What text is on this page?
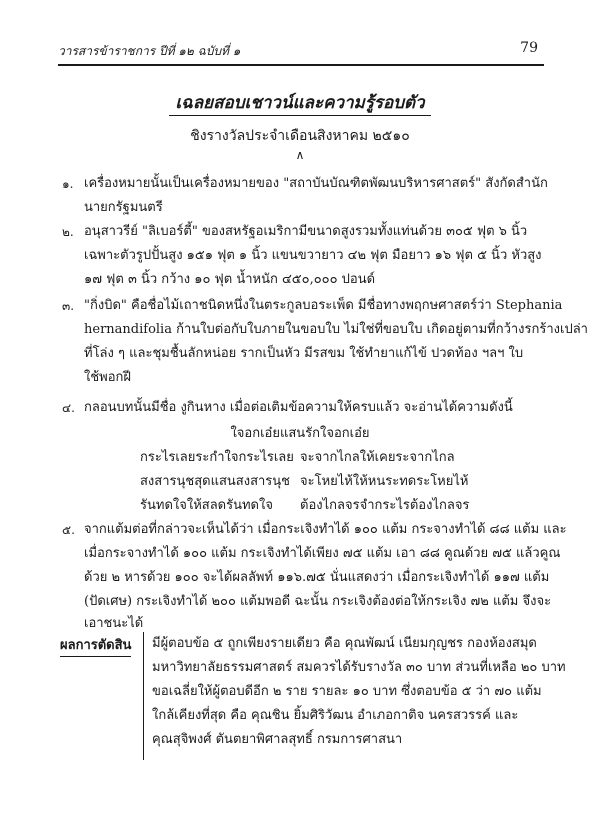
วารสารข้าราชการ ปีที่ ๑๒ ฉบับที่ ๑	79
เฉลยสอบเชาวน์และความรู้รอบตัว
ชิงรางวัลประจำเดือนสิงหาคม ๒๕๑๐
∧
๑. เครื่องหมายนั้นเป็นเครื่องหมายของ "สถาบันบัณฑิตพัฒนบริหารศาสตร์" สังกัดสำนัก
นายกรัฐมนตรี
๒. อนุสาวรีย์ "ลิเบอร์ตี้" ของสหรัฐอเมริกามีขนาดสูงรวมทั้งแท่นด้วย ๓๐๕ ฟุต ๖ นิ้ว
เฉพาะตัวรูปปั้นสูง ๑๕๑ ฟุต ๑ นิ้ว แขนขวายาว ๔๒ ฟุต มือยาว ๑๖ ฟุต ๕ นิ้ว หัวสูง
๑๗ ฟุต ๓ นิ้ว กว้าง ๑๐ ฟุต น้ำหนัก ๔๕๐,๐๐๐ ปอนด์
๓. "กิ่งบิด" คือชื่อไม้เถาชนิดหนึ่งในตระกูลบอระเพ็ด มีชื่อทางพฤกษศาสตร์ว่า Stephania
hernandifolia ก้านใบต่อกับใบภายในขอบใบ ไม่ใช่ที่ขอบใบ เกิดอยู่ตามที่กว้างรกร้างเปล่า
ที่โล่ง ๆ และชุมชื้นลักหน่อย รากเป็นหัว มีรสขม ใช้ทำยาแก้ไข้ ปวดท้อง ฯลฯ ใบ
ใช้พอกฝี
๔. กลอนบทนั้นมีชื่อ งูกินหาง เมื่อต่อเติมข้อความให้ครบแล้ว จะอ่านได้ความดังนี้
ใจอกเอ๋ยแสนรักใจอกเอ๋ย
กระไรเลยระกำใจกระไรเลย จะจากไกลให้เคยระจากไกล
สงสารนุชสุดแสนสงสารนุช จะโหยไห้ให้หนระทดระโหยไห้
รันทดใจให้สลดรันทดใจ ต้องไกลจรจำกระไรต้องไกลจร
๕. จากแต้มต่อที่กล่าวจะเห็นได้ว่า เมื่อกระเจิงทำได้ ๑๐๐ แต้ม กระจางทำได้ ๘๘ แต้ม และ
เมื่อกระจางทำได้ ๑๐๐ แต้ม กระเจิงทำได้เพียง ๗๕ แต้ม เอา ๘๘ คูณด้วย ๗๕ แล้วคูณ
ด้วย ๒ หารด้วย ๑๐๐ จะได้ผลลัพท์ ๑๑๖.๗๕ นั่นแสดงว่า เมื่อกระเจิงทำได้ ๑๑๗ แต้ม
(ปัดเศษ) กระเจิงทำได้ ๒๐๐ แต้มพอดี ฉะนั้น กระเจิงต้องต่อให้กระเจิง ๗๒ แต้ม จึงจะ
เอาชนะได้
ผลการตัดสิน มีผู้ตอบข้อ ๕ ถูกเพียงรายเดียว คือ คุณพัฒน์ เนียมกุญชร กองห้องสมุด
มหาวิทยาลัยธรรมศาสตร์ สมควรได้รับรางวัล ๓๐ บาท ส่วนที่เหลือ ๒๐ บาท
ขอเฉลี่ยให้ผู้ตอบดีอีก ๒ ราย รายละ ๑๐ บาท ซึ่งตอบข้อ ๕ ว่า ๗๐ แต้ม
ใกล้เคียงที่สุด คือ คุณชิน ยิ้มศิริวัฒน อำเภอกาติจ นครสวรรค์ และ
คุณสุจิพงศ์ ตันตยาพิศาลสุทธิ์ กรมการศาสนา
